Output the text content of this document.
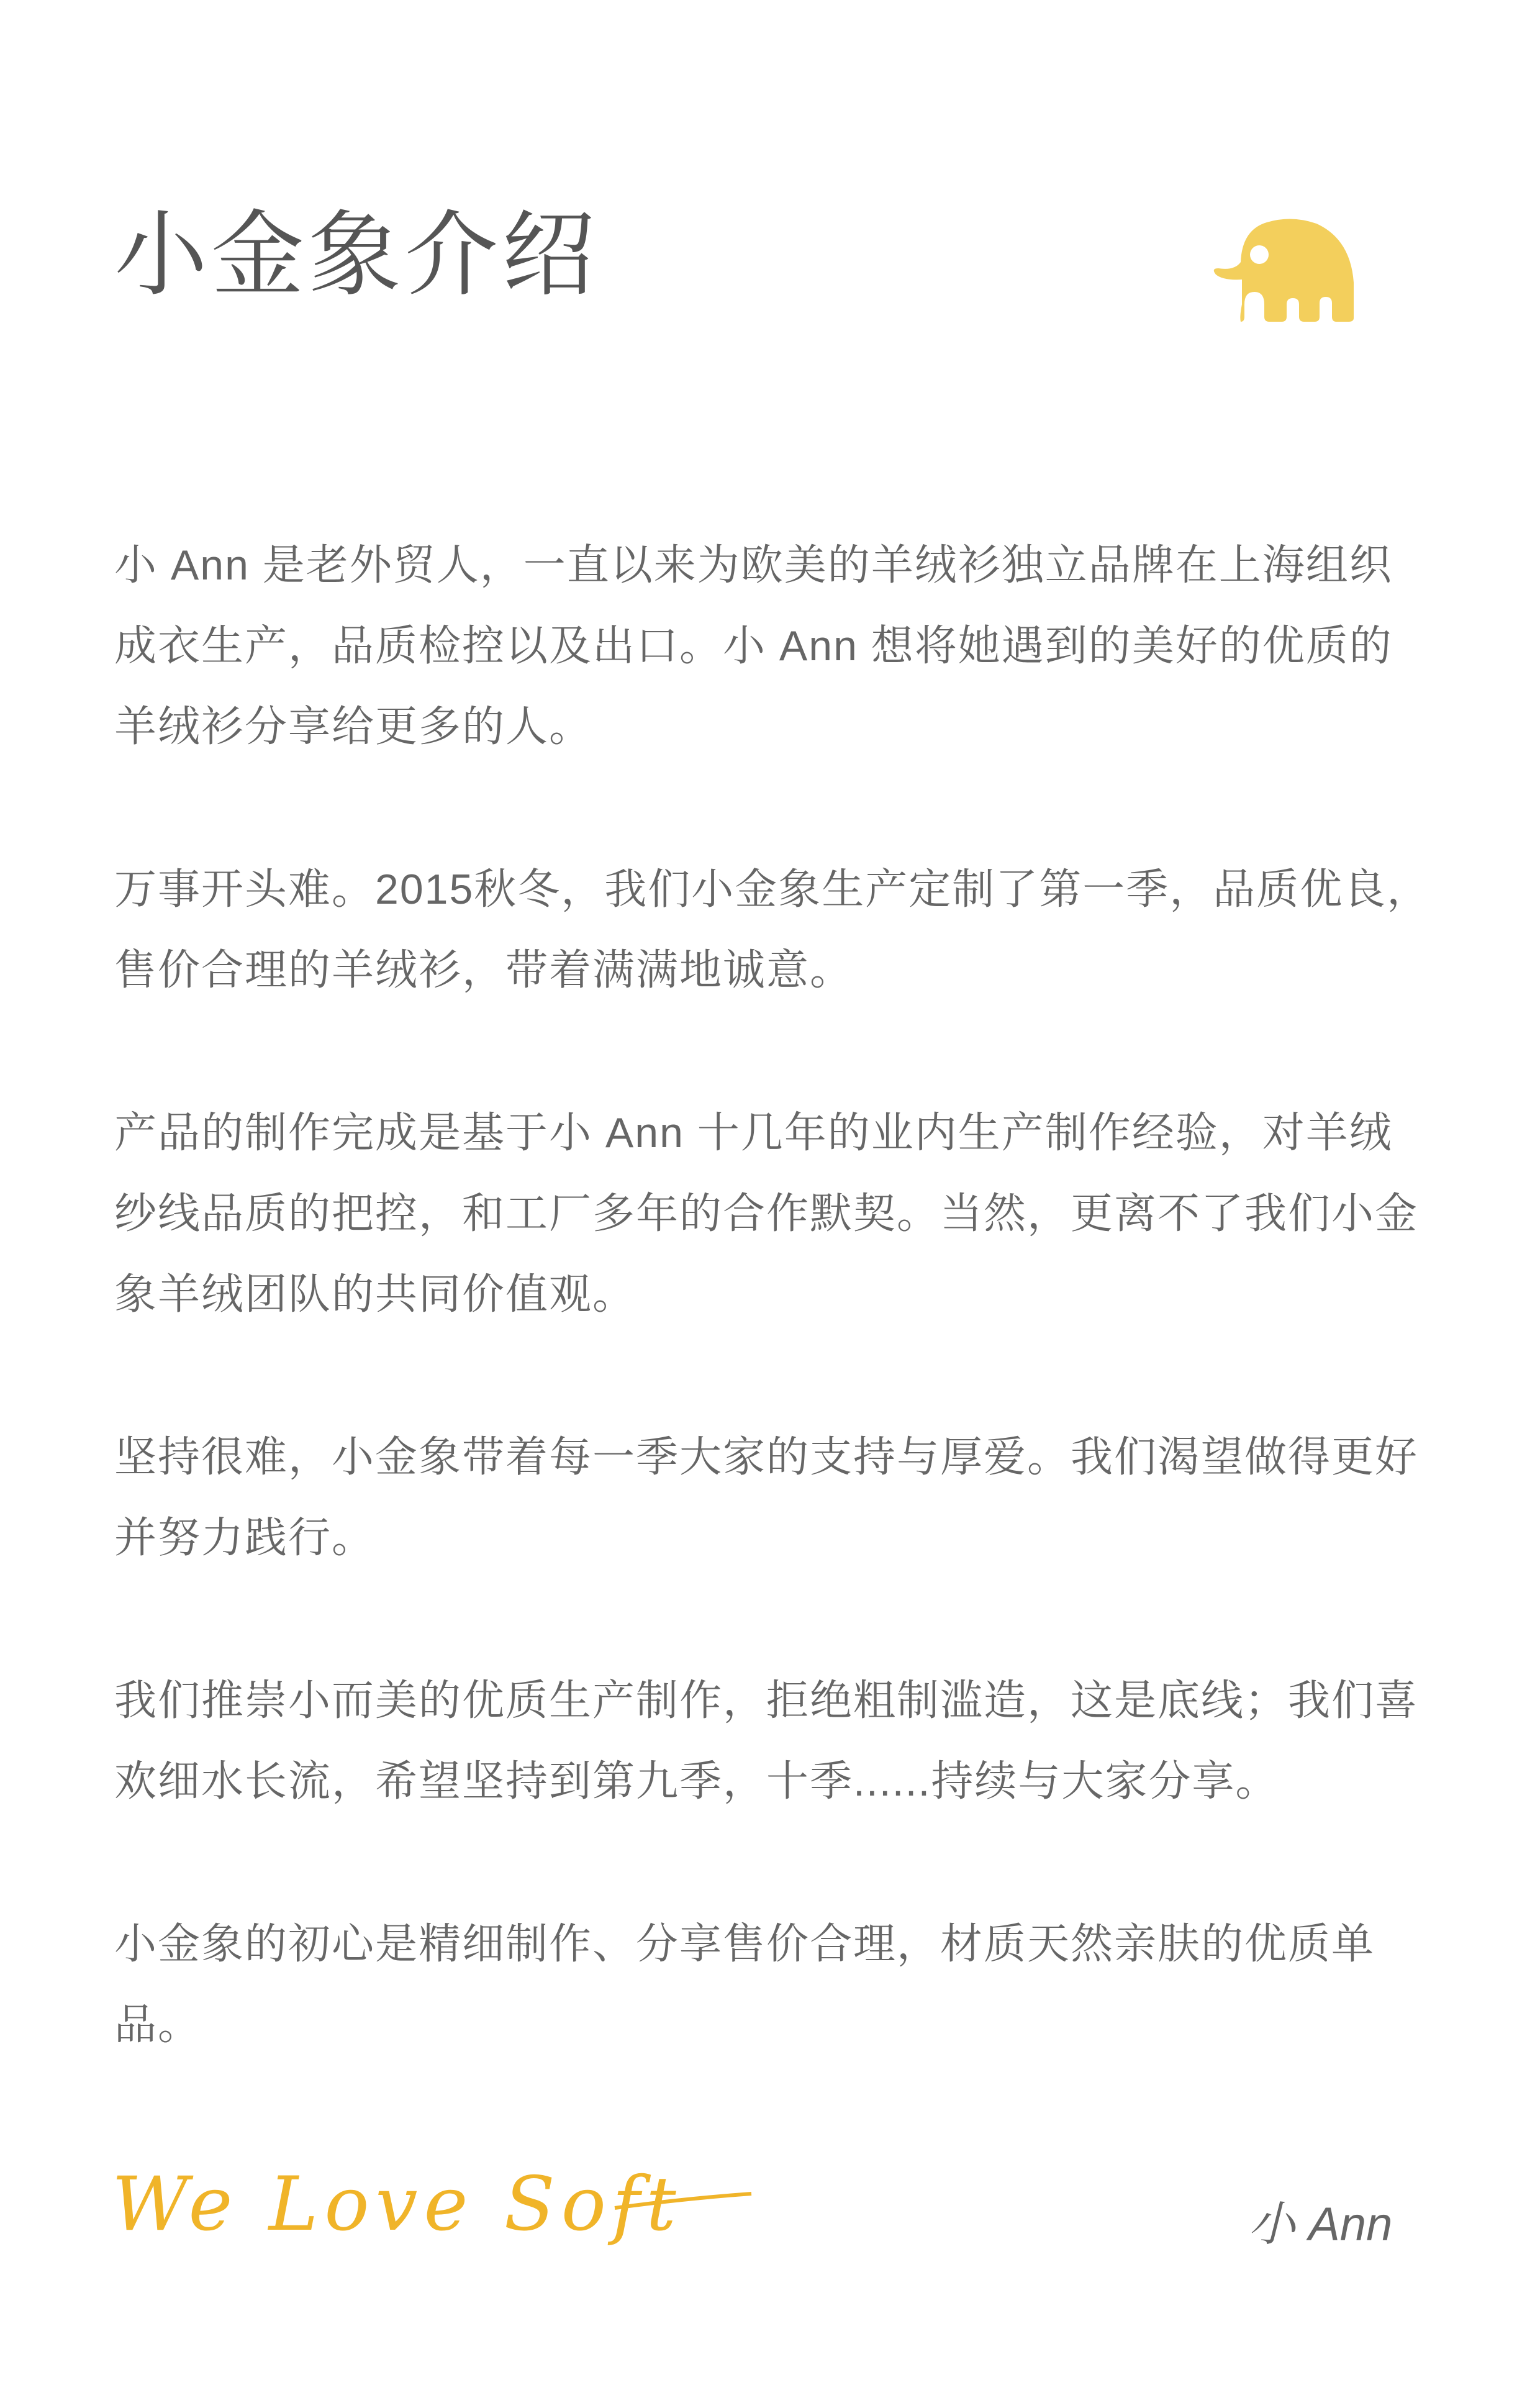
小金象介绍

小 Ann 是老外贸人，一直以来为欧美的羊绒衫独立品牌在上海组织成衣生产，品质检控以及出口。小 Ann 想将她遇到的美好的优质的羊绒衫分享给更多的人。

万事开头难。2015秋冬，我们小金象生产定制了第一季，品质优良，售价合理的羊绒衫，带着满满地诚意。

产品的制作完成是基于小 Ann 十几年的业内生产制作经验，对羊绒纱线品质的把控，和工厂多年的合作默契。当然，更离不了我们小金象羊绒团队的共同价值观。

坚持很难，小金象带着每一季大家的支持与厚爱。我们渴望做得更好并努力践行。

我们推崇小而美的优质生产制作，拒绝粗制滥造，这是底线；我们喜欢细水长流，希望坚持到第九季，十季......持续与大家分享。

小金象的初心是精细制作、分享售价合理，材质天然亲肤的优质单品。

We Love Soft	小 Ann
